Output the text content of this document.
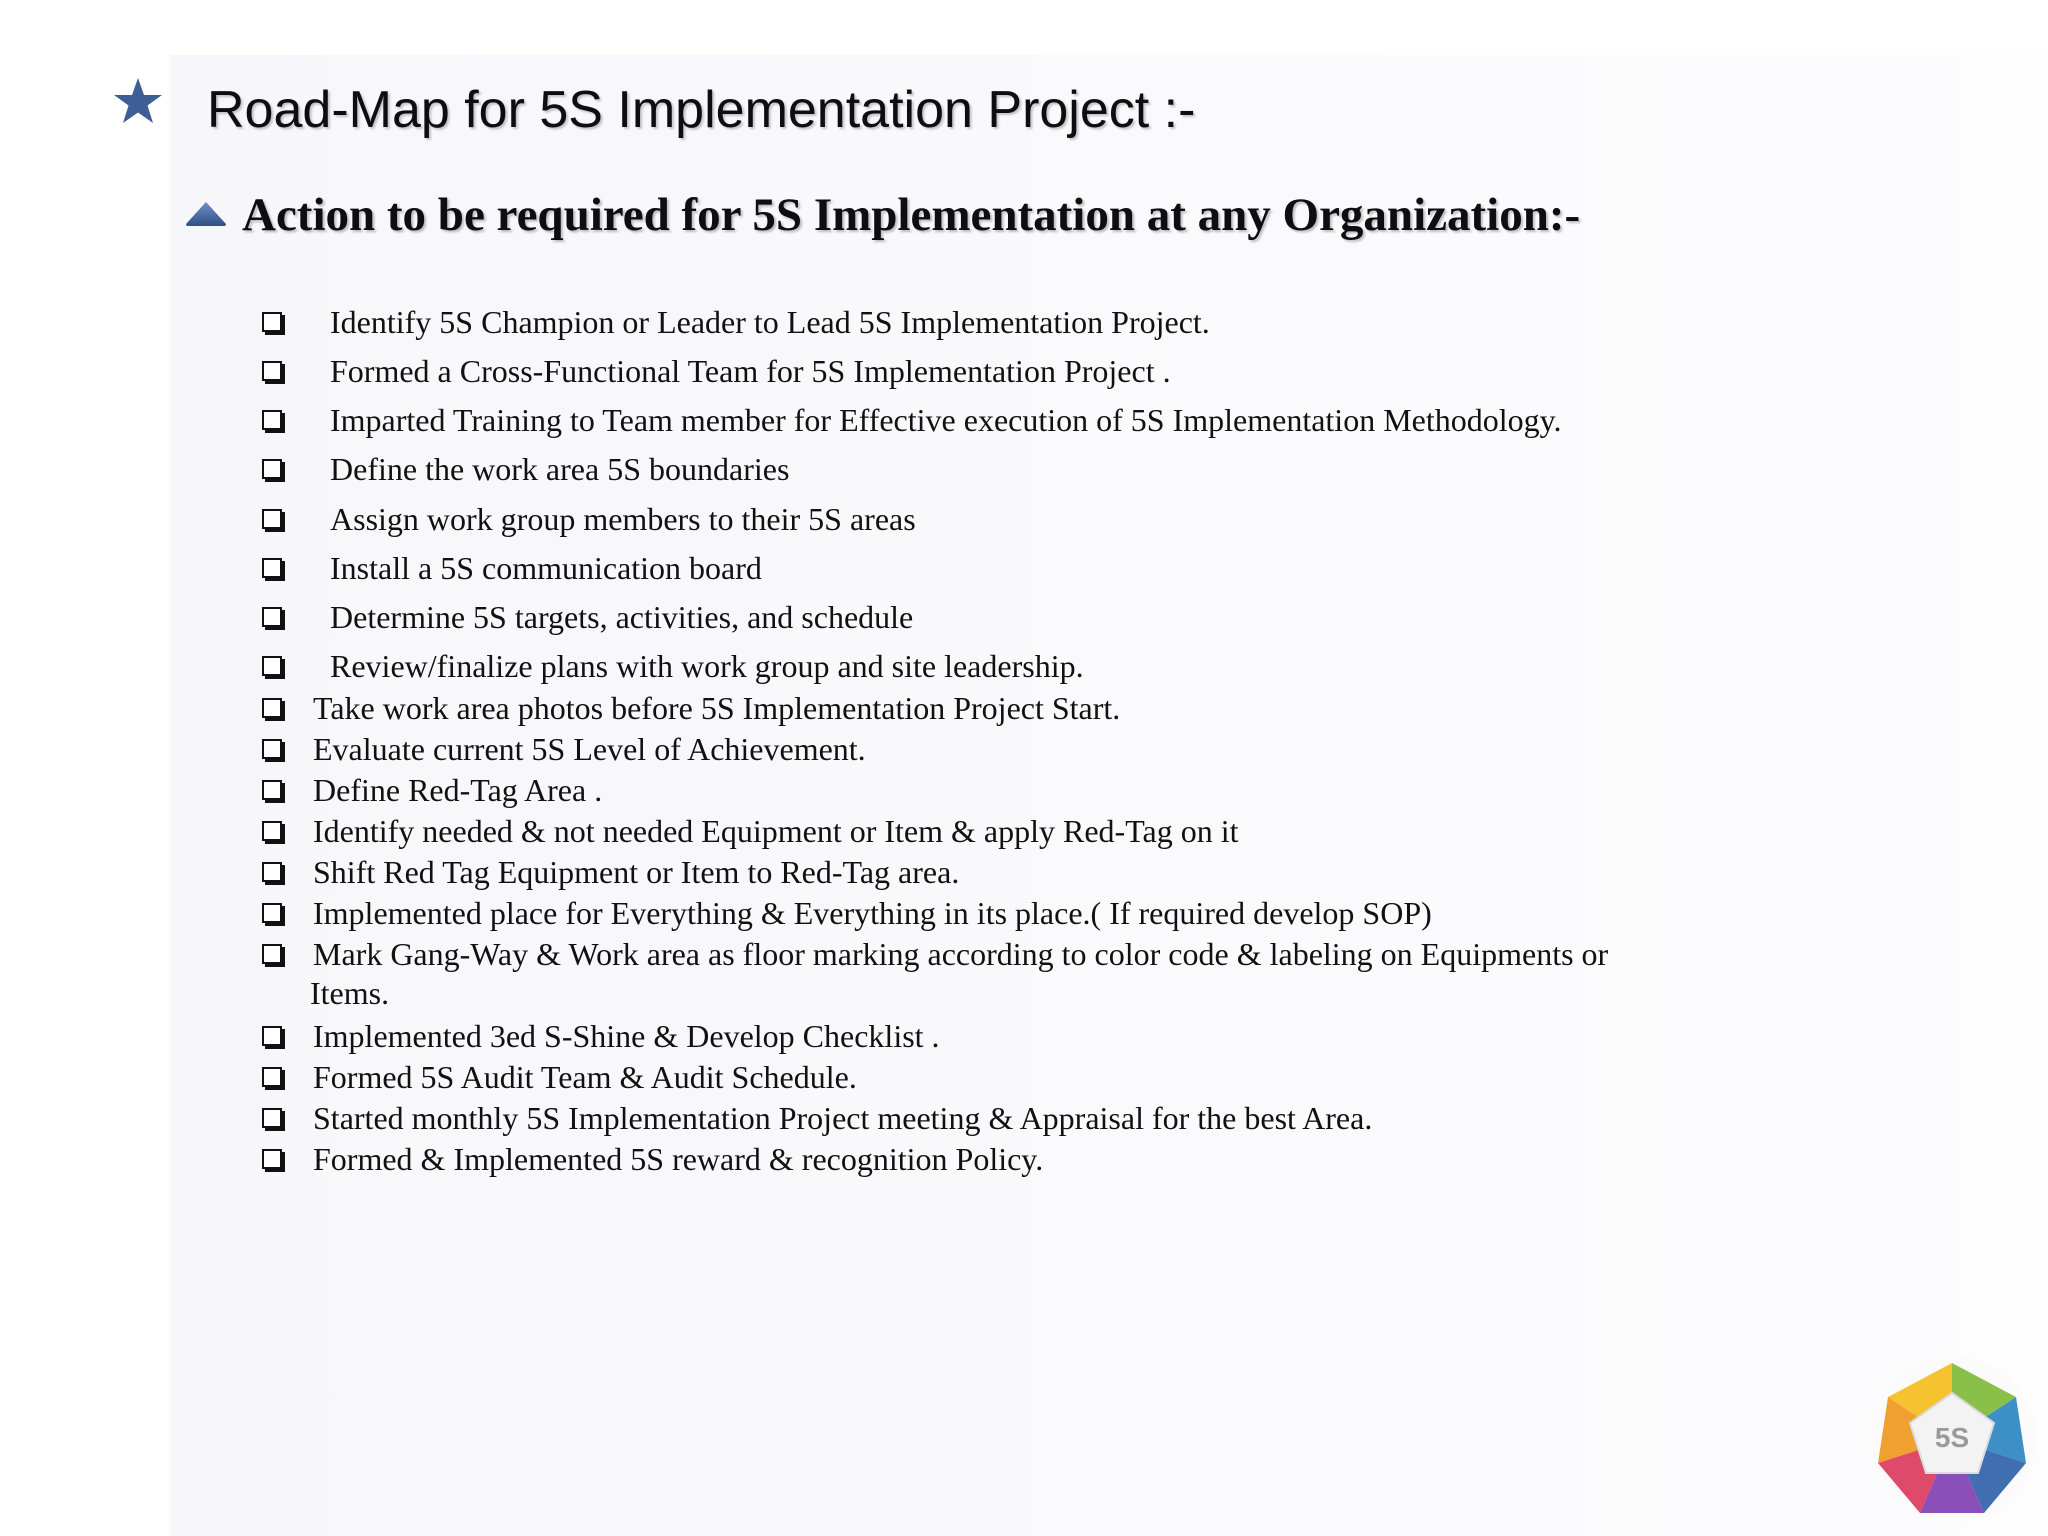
Road-Map for 5S Implementation Project :-
Action to be required for 5S Implementation at any Organization:-
Identify 5S Champion or Leader to Lead 5S Implementation Project.
Formed a Cross-Functional Team for 5S Implementation Project .
Imparted Training to Team member for Effective execution of 5S Implementation Methodology.
Define the work area 5S boundaries
Assign work group members to their 5S areas
Install a 5S communication board
Determine 5S targets, activities, and schedule
Review/finalize plans with work group and site leadership.
Take work area photos before 5S Implementation Project Start.
Evaluate current 5S Level of Achievement.
Define Red-Tag Area .
Identify needed & not needed Equipment or Item & apply Red-Tag on it
Shift Red Tag Equipment or Item to Red-Tag area.
Implemented place for Everything & Everything in its place.( If required develop SOP)
Mark Gang-Way & Work area as floor marking according to color code & labeling on Equipments or
Items.
Implemented 3ed S-Shine & Develop Checklist .
Formed 5S Audit Team & Audit Schedule.
Started monthly 5S Implementation Project meeting & Appraisal for the best Area.
Formed & Implemented 5S reward & recognition Policy.
5S
